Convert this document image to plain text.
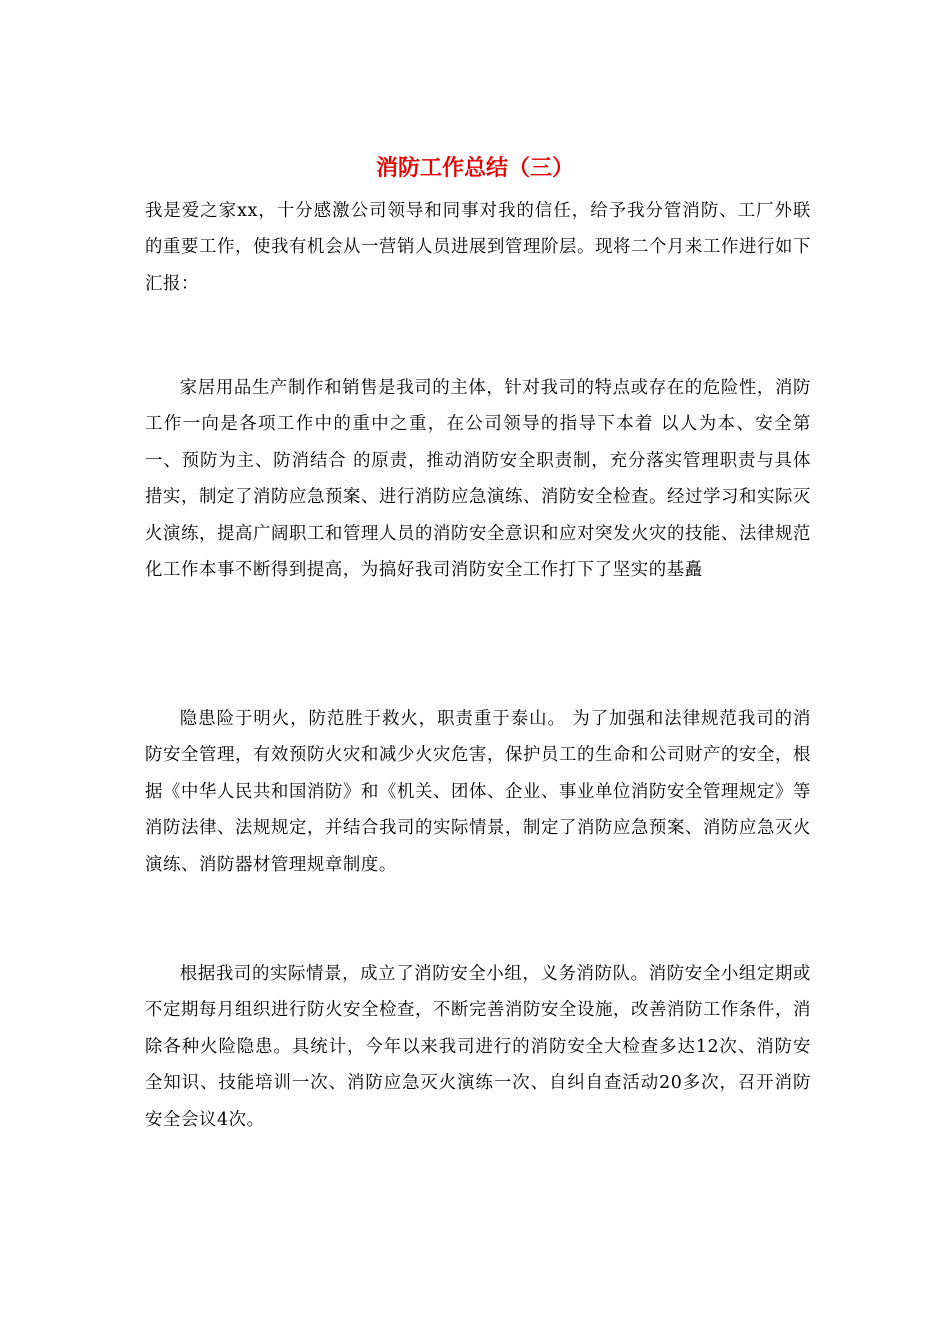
消防工作总结（三）

我是爱之家xx，十分感激公司领导和同事对我的信任，给予我分管消防、工厂外联的重要工作，使我有机会从一营销人员进展到管理阶层。现将二个月来工作进行如下汇报：

家居用品生产制作和销售是我司的主体，针对我司的特点或存在的危险性，消防工作一向是各项工作中的重中之重，在公司领导的指导下本着 以人为本、安全第一、预防为主、防消结合 的原责，推动消防安全职责制，充分落实管理职责与具体措实，制定了消防应急预案、进行消防应急演练、消防安全检查。经过学习和实际灭火演练，提高广阔职工和管理人员的消防安全意识和应对突发火灾的技能、法律规范化工作本事不断得到提高，为搞好我司消防安全工作打下了坚实的基矗

隐患险于明火，防范胜于救火，职责重于泰山。 为了加强和法律规范我司的消防安全管理，有效预防火灾和减少火灾危害，保护员工的生命和公司财产的安全，根据《中华人民共和国消防》和《机关、团体、企业、事业单位消防安全管理规定》等消防法律、法规规定，并结合我司的实际情景，制定了消防应急预案、消防应急灭火演练、消防器材管理规章制度。

根据我司的实际情景，成立了消防安全小组，义务消防队。消防安全小组定期或不定期每月组织进行防火安全检查，不断完善消防安全设施，改善消防工作条件，消除各种火险隐患。具统计，今年以来我司进行的消防安全大检查多达12次、消防安全知识、技能培训一次、消防应急灭火演练一次、自纠自查活动20多次，召开消防安全会议4次。
